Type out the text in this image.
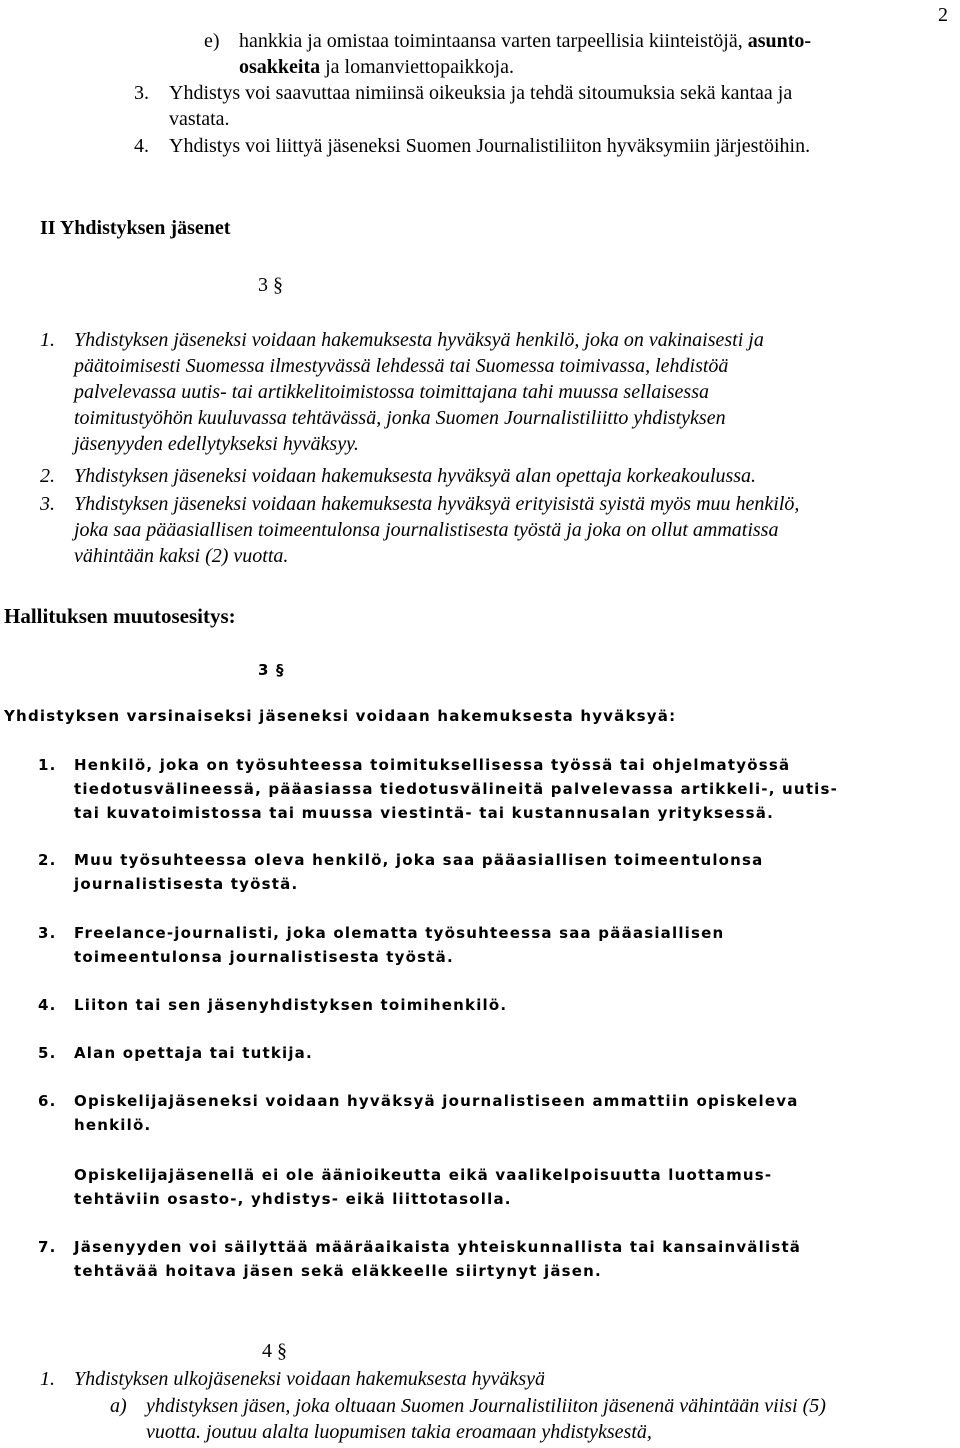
2
e) hankkia ja omistaa toimintaansa varten tarpeellisia kiinteistöjä, asunto-
osakkeita ja lomanviettopaikkoja.
3. Yhdistys voi saavuttaa nimiinsä oikeuksia ja tehdä sitoumuksia sekä kantaa ja
vastata.
4. Yhdistys voi liittyä jäseneksi Suomen Journalistiliiton hyväksymiin järjestöihin.
II Yhdistyksen jäsenet
3 §
1. Yhdistyksen jäseneksi voidaan hakemuksesta hyväksyä henkilö, joka on vakinaisesti ja
päätoimisesti Suomessa ilmestyvässä lehdessä tai Suomessa toimivassa, lehdistöä
palvelevassa uutis- tai artikkelitoimistossa toimittajana tahi muussa sellaisessa
toimitustyöhön kuuluvassa tehtävässä, jonka Suomen Journalistiliitto yhdistyksen
jäsenyyden edellytykseksi hyväksyy.
2. Yhdistyksen jäseneksi voidaan hakemuksesta hyväksyä alan opettaja korkeakoulussa.
3. Yhdistyksen jäseneksi voidaan hakemuksesta hyväksyä erityisistä syistä myös muu henkilö,
joka saa pääasiallisen toimeentulonsa journalistisesta työstä ja joka on ollut ammatissa
vähintään kaksi (2) vuotta.
Hallituksen muutosesitys:
3 §
Yhdistyksen varsinaiseksi jäseneksi voidaan hakemuksesta hyväksyä:
1. Henkilö, joka on työsuhteessa toimituksellisessa työssä tai ohjelmatyössä
tiedotusvälineessä, pääasiassa tiedotusvälineitä palvelevassa artikkeli-, uutis-
tai kuvatoimistossa tai muussa viestintä- tai kustannusalan yrityksessä.
2. Muu työsuhteessa oleva henkilö, joka saa pääasiallisen toimeentulonsa
journalistisesta työstä.
3. Freelance-journalisti, joka olematta työsuhteessa saa pääasiallisen
toimeentulonsa journalistisesta työstä.
4. Liiton tai sen jäsenyhdistyksen toimihenkilö.
5. Alan opettaja tai tutkija.
6. Opiskelijajäseneksi voidaan hyväksyä journalistiseen ammattiin opiskeleva
henkilö.
Opiskelijajäsenellä ei ole äänioikeutta eikä vaalikelpoisuutta luottamus-
tehtäviin osasto-, yhdistys- eikä liittotasolla.
7. Jäsenyyden voi säilyttää määräaikaista yhteiskunnallista tai kansainvälistä
tehtävää hoitava jäsen sekä eläkkeelle siirtynyt jäsen.
4 §
1. Yhdistyksen ulkojäseneksi voidaan hakemuksesta hyväksyä
a) yhdistyksen jäsen, joka oltuaan Suomen Journalistiliiton jäsenenä vähintään viisi (5)
vuotta. joutuu alalta luopumisen takia eroamaan yhdistyksestä,
